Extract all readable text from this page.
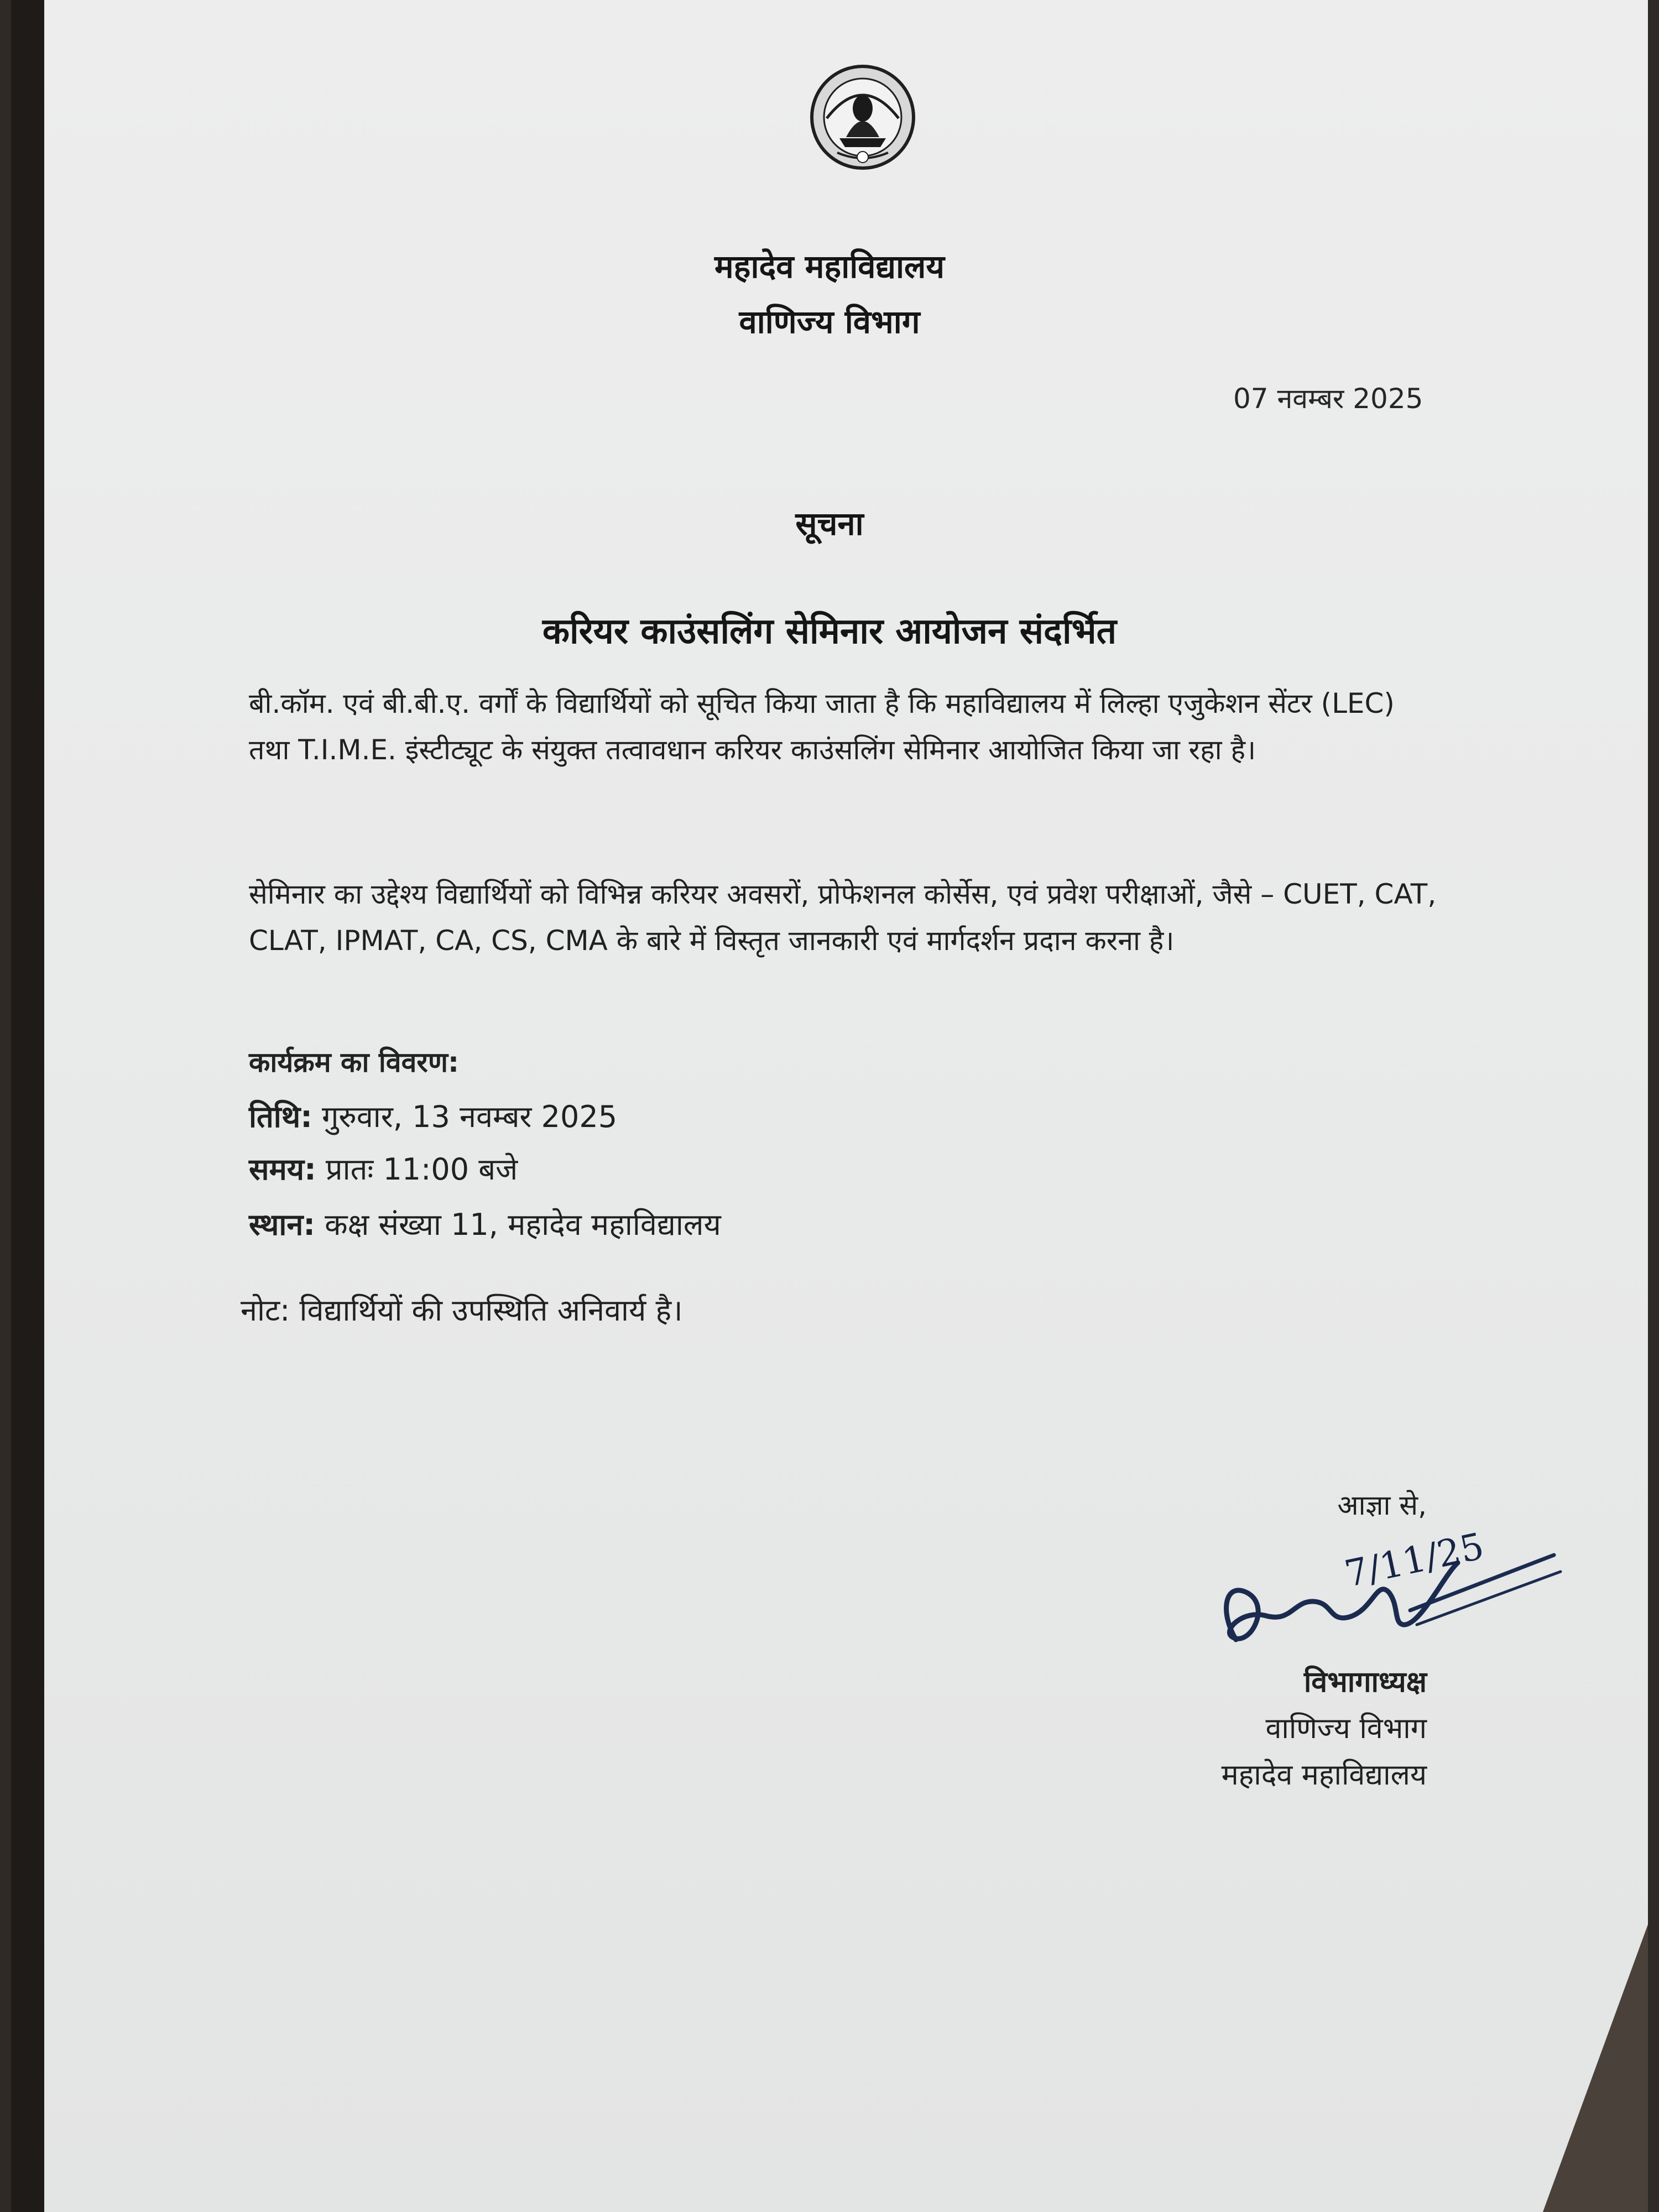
महादेव महाविद्यालय
वाणिज्य विभाग
07 नवम्बर 2025
सूचना
करियर काउंसलिंग सेमिनार आयोजन संदर्भित
बी.कॉम. एवं बी.बी.ए. वर्गों के विद्यार्थियों को सूचित किया जाता है कि महाविद्यालय में लिल्हा एजुकेशन सेंटर (LEC) तथा T.I.M.E. इंस्टीट्यूट के संयुक्त तत्वावधान करियर काउंसलिंग सेमिनार आयोजित किया जा रहा है।
सेमिनार का उद्देश्य विद्यार्थियों को विभिन्न करियर अवसरों, प्रोफेशनल कोर्सेस, एवं प्रवेश परीक्षाओं, जैसे – CUET, CAT, CLAT, IPMAT, CA, CS, CMA के बारे में विस्तृत जानकारी एवं मार्गदर्शन प्रदान करना है।
कार्यक्रम का विवरण:
तिथि: गुरुवार, 13 नवम्बर 2025
समय: प्रातः 11:00 बजे
स्थान: कक्ष संख्या 11, महादेव महाविद्यालय
नोट: विद्यार्थियों की उपस्थिति अनिवार्य है।
आज्ञा से,
7/11/25
विभागाध्यक्ष
वाणिज्य विभाग
महादेव महाविद्यालय
